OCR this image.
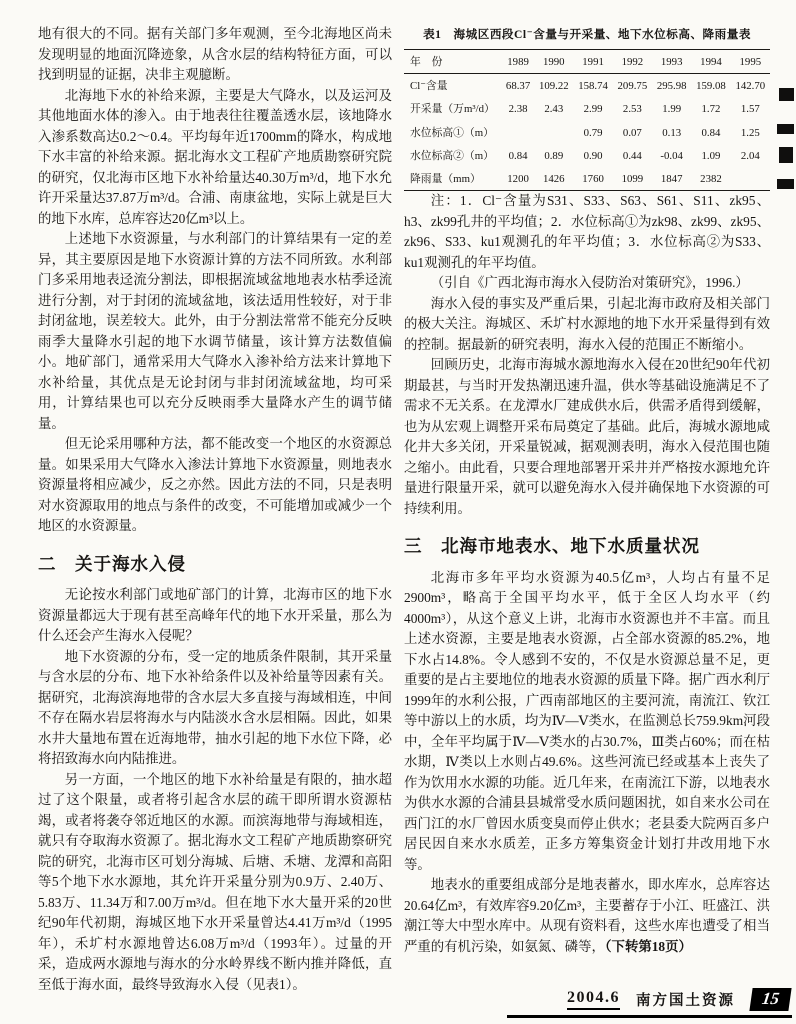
地有很大的不同。据有关部门多年观测，至今北海地区尚未发现明显的地面沉降迹象，从含水层的结构特征方面，可以找到明显的证据，决非主观臆断。

北海地下水的补给来源，主要是大气降水，以及运河及其他地面水体的渗入。由于地表往往覆盖透水层，该地降水入渗系数高达0.2～0.4。平均每年近1700mm的降水，构成地下水丰富的补给来源。据北海水文工程矿产地质勘察研究院的研究，仅北海市区地下水补给量达40.30万m³/d，地下水允许开采量达37.87万m³/d。合浦、南康盆地，实际上就是巨大的地下水库，总库容达20亿m³以上。

上述地下水资源量，与水利部门的计算结果有一定的差异，其主要原因是地下水资源计算的方法不同所致。水利部门多采用地表迳流分割法，即根据流域盆地地表水枯季迳流进行分割，对于封闭的流域盆地，该法适用性较好，对于非封闭盆地，误差较大。此外，由于分割法常常不能充分反映雨季大量降水引起的地下水调节储量，该计算方法数值偏小。地矿部门，通常采用大气降水入渗补给方法来计算地下水补给量，其优点是无论封闭与非封闭流域盆地，均可采用，计算结果也可以充分反映雨季大量降水产生的调节储量。

但无论采用哪种方法，都不能改变一个地区的水资源总量。如果采用大气降水入渗法计算地下水资源量，则地表水资源量将相应减少，反之亦然。因此方法的不同，只是表明对水资源取用的地点与条件的改变，不可能增加或减少一个地区的水资源量。

二　关于海水入侵

无论按水利部门或地矿部门的计算，北海市区的地下水资源量都远大于现有甚至高峰年代的地下水开采量，那么为什么还会产生海水入侵呢？

地下水资源的分布，受一定的地质条件限制，其开采量与含水层的分布、地下水补给条件以及补给量等因素有关。据研究，北海滨海地带的含水层大多直接与海域相连，中间不存在隔水岩层将海水与内陆淡水含水层相隔。因此，如果水井大量地布置在近海地带，抽水引起的地下水位下降，必将招致海水向内陆推进。

另一方面，一个地区的地下水补给量是有限的，抽水超过了这个限量，或者将引起含水层的疏干即所谓水资源枯竭，或者将袭夺邻近地区的水源。而滨海地带与海域相连，就只有夺取海水资源了。据北海水文工程矿产地质勘察研究院的研究，北海市区可划分海城、后塘、禾塘、龙潭和高阳等5个地下水水源地，其允许开采量分别为0.9万、2.40万、5.83万、11.34万和7.00万m³/d。但在地下水大量开采的20世纪90年代初期，海城区地下水开采量曾达4.41万m³/d（1995年），禾圹村水源地曾达6.08万m³/d（1993年）。过量的开采，造成两水源地与海水的分水岭界线不断内推并降低，直至低于海水面，最终导致海水入侵（见表1）。

表1　海城区西段Cl⁻含量与开采量、地下水位标高、降雨量表
年　份	1989	1990	1991	1992	1993	1994	1995
Cl⁻含量	68.37	109.22	158.74	209.75	295.98	159.08	142.70
开采量（万m³/d）	2.38	2.43	2.99	2.53	1.99	1.72	1.57
水位标高①（m）			0.79	0.07	0.13	0.84	1.25
水位标高②（m）	0.84	0.89	0.90	0.44	-0.04	1.09	2.04
降雨量（mm）	1200	1426	1760	1099	1847	2382	

注：1．Cl⁻含量为S31、S33、S63、S61、S11、zk95、h3、zk99孔井的平均值；2．水位标高①为zk98、zk99、zk95、zk96、S33、ku1观测孔的年平均值；3．水位标高②为S33、ku1观测孔的年平均值。

（引自《广西北海市海水入侵防治对策研究》，1996.）

海水入侵的事实及严重后果，引起北海市政府及相关部门的极大关注。海城区、禾圹村水源地的地下水开采量得到有效的控制。据最新的研究表明，海水入侵的范围正不断缩小。

回顾历史，北海市海城水源地海水入侵在20世纪90年代初期最甚，与当时开发热潮迅速升温，供水等基础设施满足不了需求不无关系。在龙潭水厂建成供水后，供需矛盾得到缓解，也为从宏观上调整开采布局奠定了基础。此后，海城水源地咸化井大多关闭，开采量锐减，据观测表明，海水入侵范围也随之缩小。由此看，只要合理地部署开采井并严格按水源地允许量进行限量开采，就可以避免海水入侵并确保地下水资源的可持续利用。

三　北海市地表水、地下水质量状况

北海市多年平均水资源为40.5亿m³，人均占有量不足2900m³，略高于全国平均水平，低于全区人均水平（约4000m³），从这个意义上讲，北海市水资源也并不丰富。而且上述水资源，主要是地表水资源，占全部水资源的85.2%，地下水占14.8%。令人感到不安的，不仅是水资源总量不足，更重要的是占主要地位的地表水资源的质量下降。据广西水利厅1999年的水利公报，广西南部地区的主要河流，南流江、钦江等中游以上的水质，均为Ⅳ—Ⅴ类水，在监测总长759.9km河段中，全年平均属于Ⅳ—Ⅴ类水的占30.7%，Ⅲ类占60%；而在枯水期，Ⅳ类以上水则占49.6%。这些河流已经或基本上丧失了作为饮用水水源的功能。近几年来，在南流江下游，以地表水为供水水源的合浦县县城常受水质问题困扰，如自来水公司在西门江的水厂曾因水质变臭而停止供水；老县委大院两百多户居民因自来水水质差，正多方筹集资金计划打井改用地下水等。

地表水的重要组成部分是地表蓄水，即水库水，总库容达20.64亿m³，有效库容9.20亿m³，主要蓄存于小江、旺盛江、洪潮江等大中型水库中。从现有资料看，这些水库也遭受了相当严重的有机污染，如氨氮、磷等，（下转第18页）

2004.6 南方国土资源	15
